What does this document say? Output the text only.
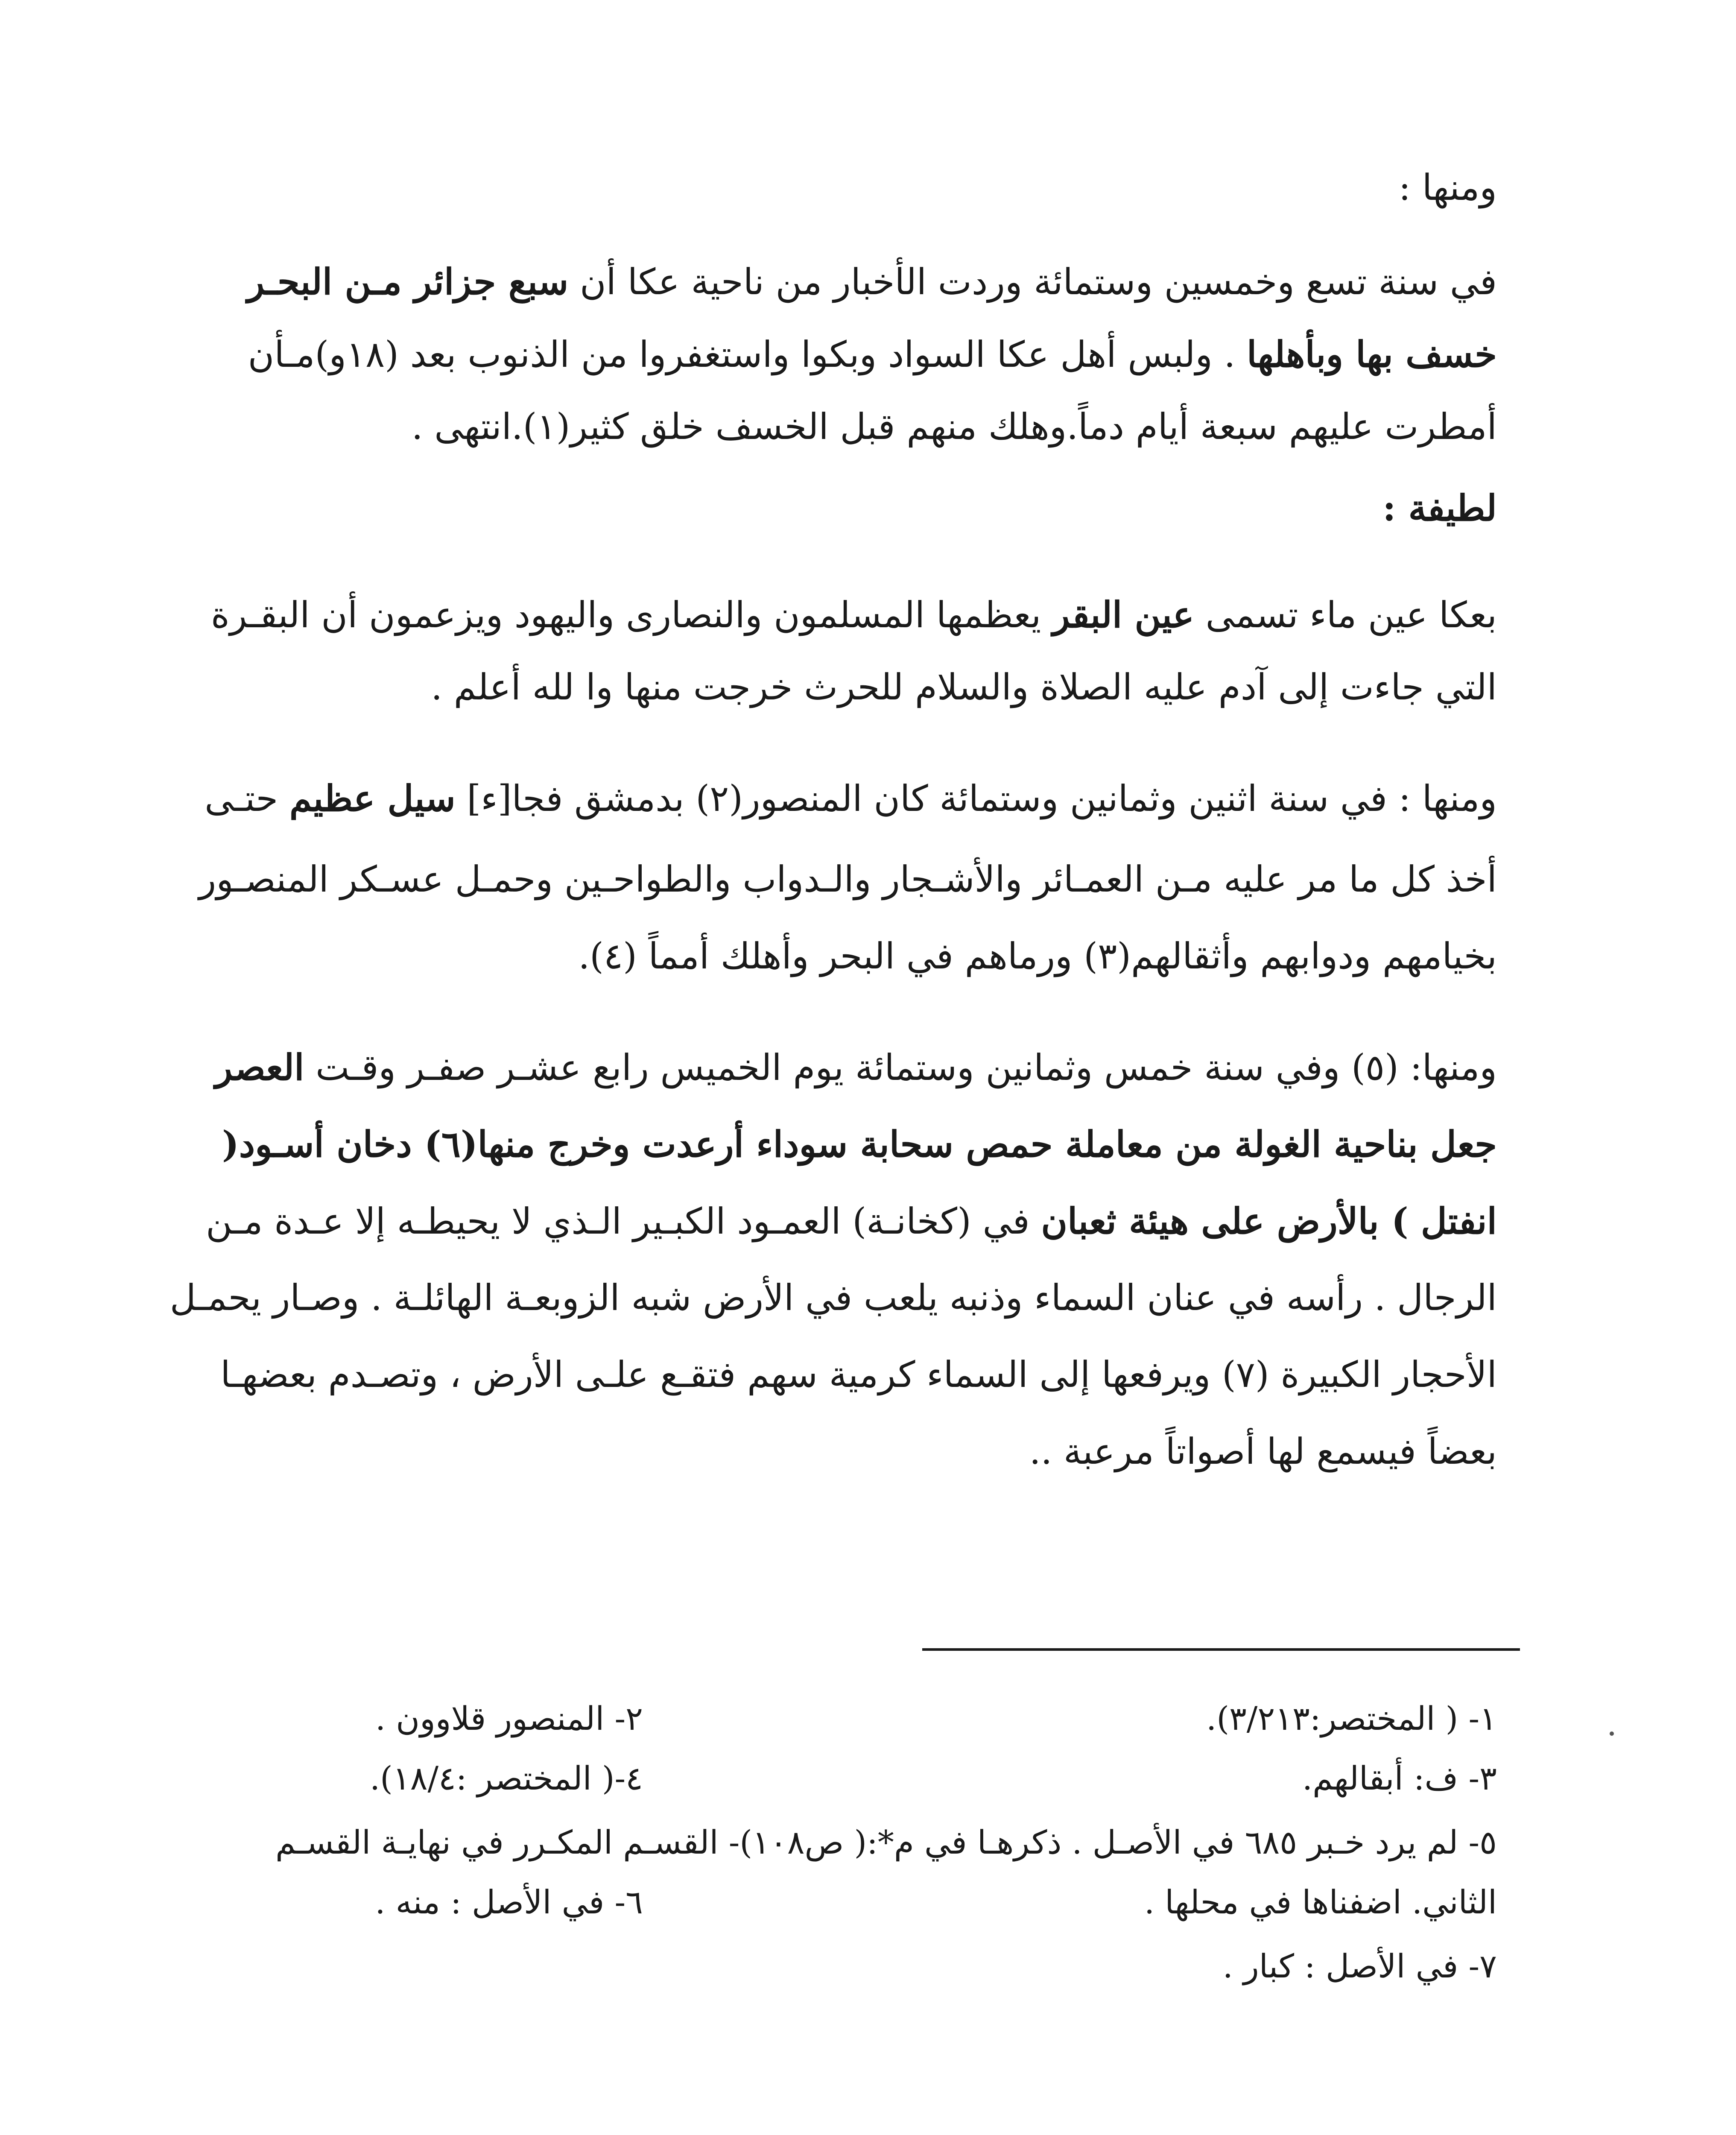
ومنها :
في سنة تسع وخمسين وستمائة وردت الأخبار من ناحية عكا أن سبع جزائر مـن البحـر
خسف بها وبأهلها . ولبس أهل عكا السواد وبكوا واستغفروا من الذنوب بعد (١٨و)مـأن
أمطرت عليهم سبعة أيام دماً.وهلك منهم قبل الخسف خلق كثير(١).انتهى .
لطيفة :
بعكا عين ماء تسمى عين البقر يعظمها المسلمون والنصارى واليهود ويزعمون أن البقـرة
التي جاءت إلى آدم عليه الصلاة والسلام للحرث خرجت منها وا لله أعلم .
ومنها : في سنة اثنين وثمانين وستمائة كان المنصور(٢) بدمشق فجا[ء] سيل عظيم حتـى
أخذ كل ما مر عليه مـن العمـائر والأشـجار والـدواب والطواحـين وحمـل عسـكر المنصـور
بخيامهم ودوابهم وأثقالهم(٣) ورماهم في البحر وأهلك أمماً (٤).
ومنها: (٥) وفي سنة خمس وثمانين وستمائة يوم الخميس رابع عشـر صفـر وقـت العصر
جعل بناحية الغولة من معاملة حمص سحابة سوداء أرعدت وخرج منها(٦) دخان أسـود(
انفتل ) بالأرض على هيئة ثعبان في (كخانـة) العمـود الكبـير الـذي لا يحيطـه إلا عـدة مـن
الرجال . رأسه في عنان السماء وذنبه يلعب في الأرض شبه الزوبعـة الهائلـة . وصـار يحمـل
الأحجار الكبيرة (٧) ويرفعها إلى السماء كرمية سهم فتقـع علـى الأرض ، وتصـدم بعضهـا
بعضاً فيسمع لها أصواتاً مرعبة ..
١- ( المختصر:٣/٢١٣).
٢- المنصور قلاوون .
٣- ف: أبقالهم.
٤-( المختصر :١٨/٤).
٥- لم يرد خـبر ٦٨٥ في الأصـل . ذكرهـا في م*:( ص١٠٨)- القسـم المكـرر في نهايـة القسـم
الثاني. اضفناها في محلها .
٦- في الأصل : منه .
٧- في الأصل : كبار .
